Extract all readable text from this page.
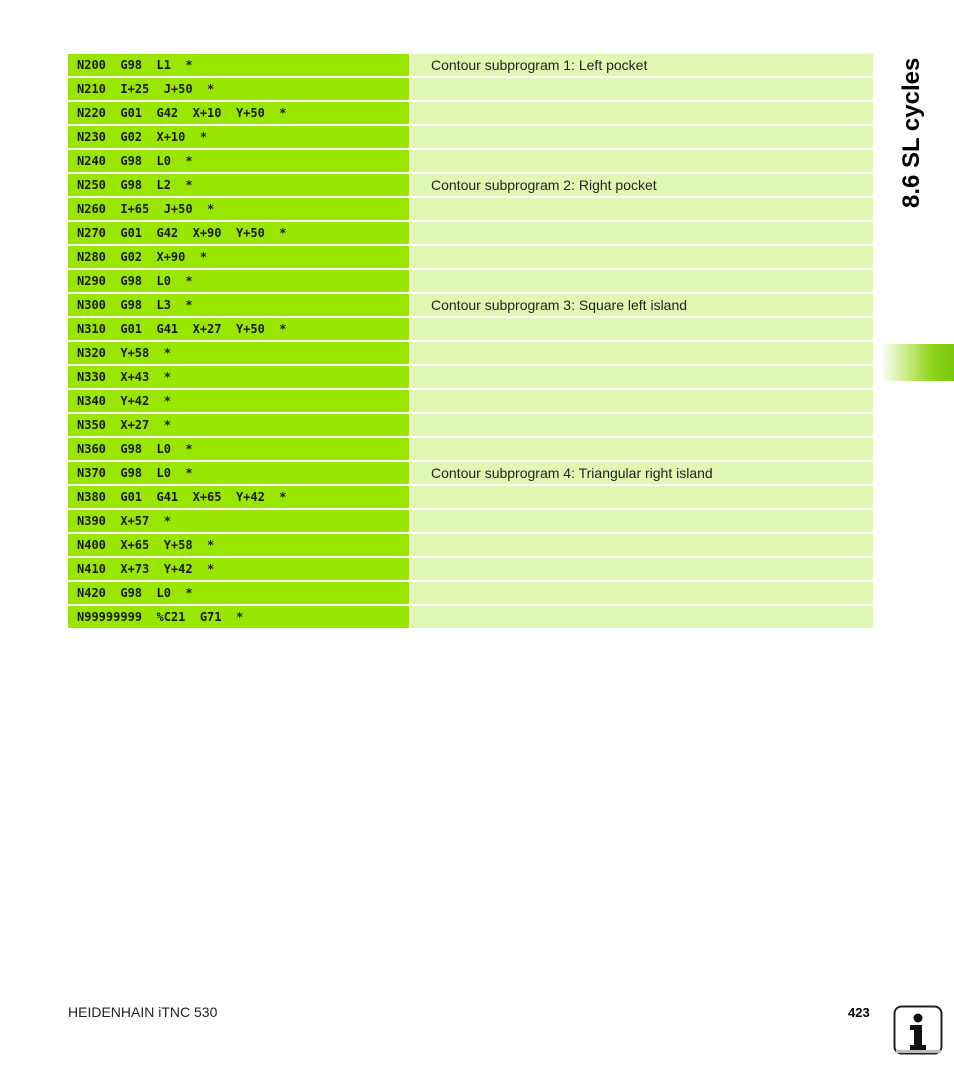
N200  G98  L1  *	Contour subprogram 1: Left pocket
N210  I+25  J+50  *
N220  G01  G42  X+10  Y+50  *
N230  G02  X+10  *
N240  G98  L0  *
N250  G98  L2  *	Contour subprogram 2: Right pocket
N260  I+65  J+50  *
N270  G01  G42  X+90  Y+50  *
N280  G02  X+90  *
N290  G98  L0  *
N300  G98  L3  *	Contour subprogram 3: Square left island
N310  G01  G41  X+27  Y+50  *
N320  Y+58  *
N330  X+43  *
N340  Y+42  *
N350  X+27  *
N360  G98  L0  *
N370  G98  L0  *	Contour subprogram 4: Triangular right island
N380  G01  G41  X+65  Y+42  *
N390  X+57  *
N400  X+65  Y+58  *
N410  X+73  Y+42  *
N420  G98  L0  *
N99999999  %C21  G71  *
8.6 SL cycles
HEIDENHAIN iTNC 530	423
